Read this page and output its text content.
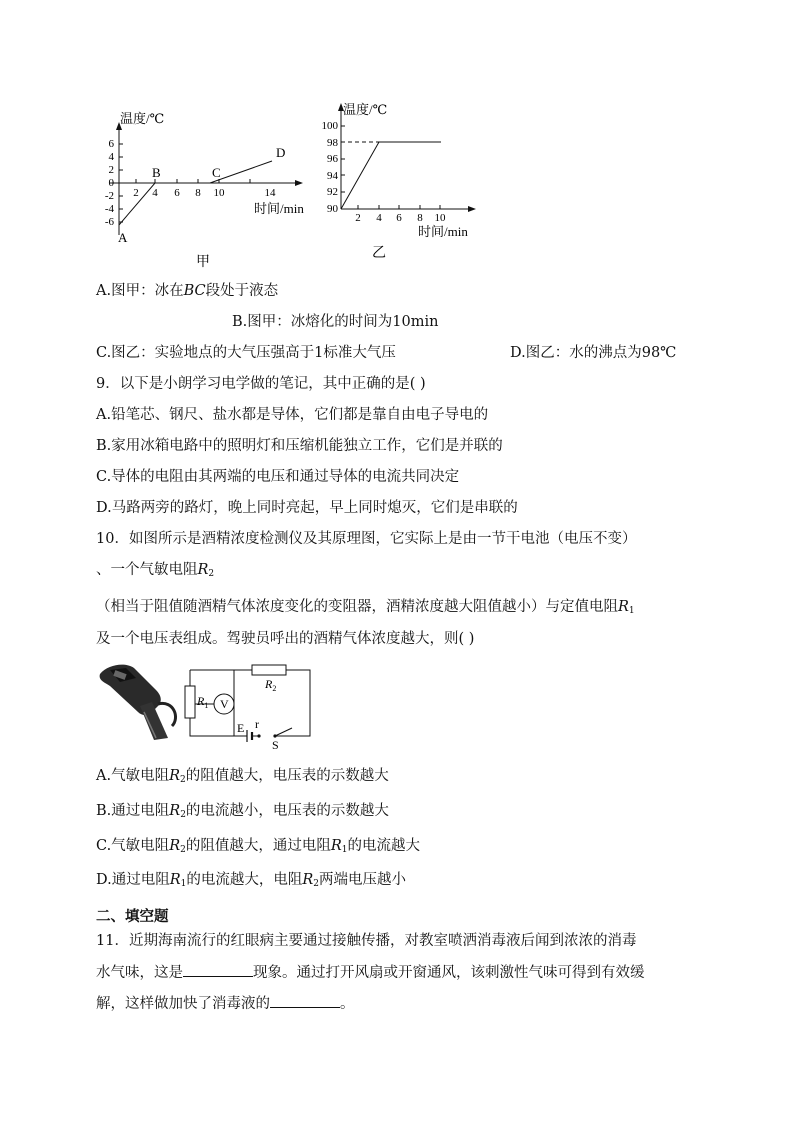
温度/℃
6
4
2
0
-2
-4
-6
2 4 6 8 10	14
A
B	C
D
时间/min
甲
温度/℃
100
98
96
94
92
90
2 4 6 8 10
时间/min
乙
A.图甲：冰在BC段处于液态
B.图甲：冰熔化的时间为10min
C.图乙：实验地点的大气压强高于1标准大气压	D.图乙：水的沸点为98℃
9．以下是小朗学习电学做的笔记，其中正确的是( )
A.铅笔芯、钢尺、盐水都是导体，它们都是靠自由电子导电的
B.家用冰箱电路中的照明灯和压缩机能独立工作，它们是并联的
C.导体的电阻由其两端的电压和通过导体的电流共同决定
D.马路两旁的路灯，晚上同时亮起，早上同时熄灭，它们是串联的
10．如图所示是酒精浓度检测仪及其原理图，它实际上是由一节干电池（电压不变）
、一个气敏电阻$R_2$
（相当于阻值随酒精气体浓度变化的变阻器，酒精浓度越大阻值越小）与定值电阻$R_1$
及一个电压表组成。驾驶员呼出的酒精气体浓度越大，则( )
$R_1$ V
$R_2$
E r
S
A.气敏电阻$R_2$的阻值越大，电压表的示数越大
B.通过电阻$R_2$的电流越小，电压表的示数越大
C.气敏电阻$R_2$的阻值越大，通过电阻$R_1$的电流越大
D.通过电阻$R_1$的电流越大，电阻$R_2$两端电压越小
二、填空题
11．近期海南流行的红眼病主要通过接触传播，对教室喷洒消毒液后闻到浓浓的消毒
水气味，这是	现象。通过打开风扇或开窗通风，该刺激性气味可得到有效缓
解，这样做加快了消毒液的	。
